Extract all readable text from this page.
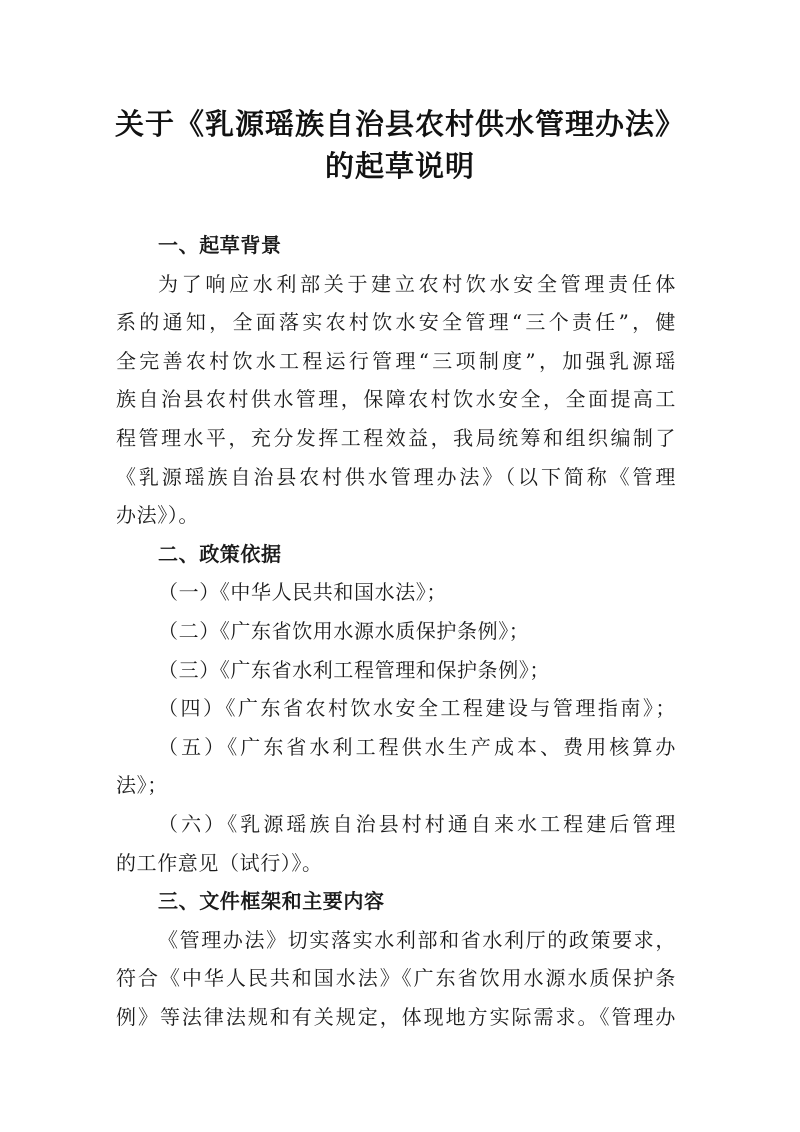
关于《乳源瑶族自治县农村供水管理办法》
的起草说明
一、起草背景
为了响应水利部关于建立农村饮水安全管理责任体
系的通知，全面落实农村饮水安全管理“三个责任”，健
全完善农村饮水工程运行管理“三项制度”，加强乳源瑶
族自治县农村供水管理，保障农村饮水安全，全面提高工
程管理水平，充分发挥工程效益，我局统筹和组织编制了
《乳源瑶族自治县农村供水管理办法》（以下简称《管理
办法》）。
二、政策依据
（一）《中华人民共和国水法》；
（二）《广东省饮用水源水质保护条例》；
（三）《广东省水利工程管理和保护条例》；
（四）《广东省农村饮水安全工程建设与管理指南》；
（五）《广东省水利工程供水生产成本、费用核算办
法》；
（六）《乳源瑶族自治县村村通自来水工程建后管理
的工作意见（试行）》。
三、文件框架和主要内容
《管理办法》切实落实水利部和省水利厅的政策要求，
符合《中华人民共和国水法》《广东省饮用水源水质保护条
例》等法律法规和有关规定，体现地方实际需求。《管理办
